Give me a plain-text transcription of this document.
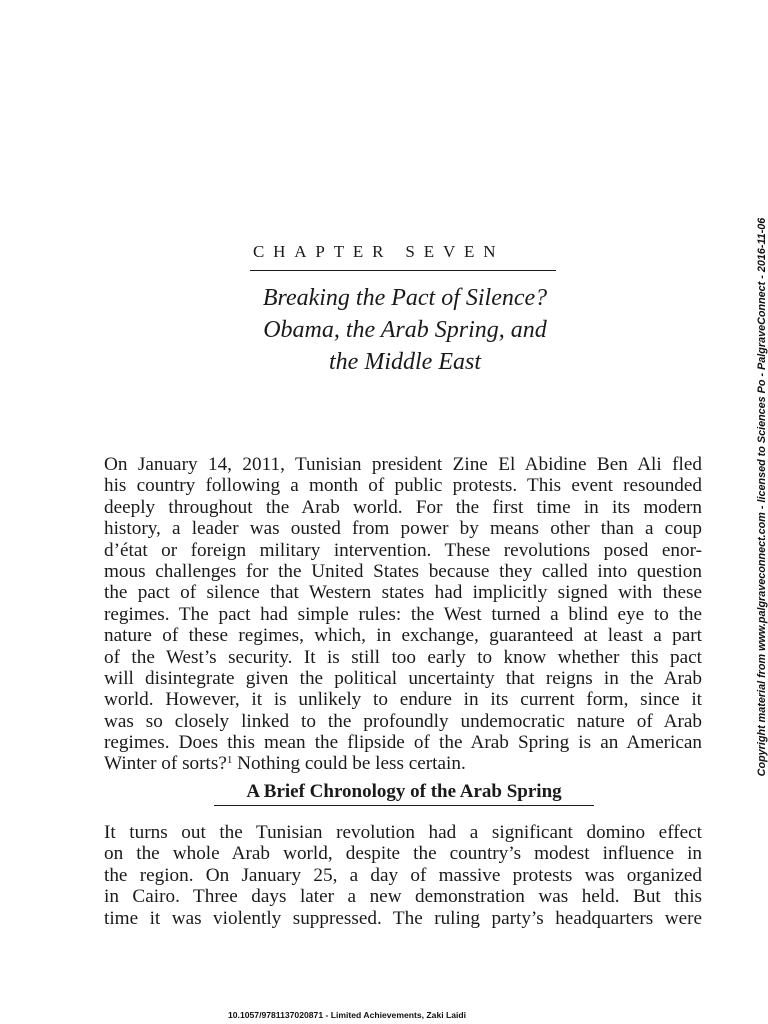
CHAPTER SEVEN
Breaking the Pact of Silence?
Obama, the Arab Spring, and
the Middle East
On January 14, 2011, Tunisian president Zine El Abidine Ben Ali fled
his country following a month of public protests. This event resounded
deeply throughout the Arab world. For the first time in its modern
history, a leader was ousted from power by means other than a coup
d’état or foreign military intervention. These revolutions posed enor-
mous challenges for the United States because they called into question
the pact of silence that Western states had implicitly signed with these
regimes. The pact had simple rules: the West turned a blind eye to the
nature of these regimes, which, in exchange, guaranteed at least a part
of the West’s security. It is still too early to know whether this pact
will disintegrate given the political uncertainty that reigns in the Arab
world. However, it is unlikely to endure in its current form, since it
was so closely linked to the profoundly undemocratic nature of Arab
regimes. Does this mean the flipside of the Arab Spring is an American
Winter of sorts?$^1$ Nothing could be less certain.
A Brief Chronology of the Arab Spring
It turns out the Tunisian revolution had a significant domino effect
on the whole Arab world, despite the country’s modest influence in
the region. On January 25, a day of massive protests was organized
in Cairo. Three days later a new demonstration was held. But this
time it was violently suppressed. The ruling party’s headquarters were
Copyright material from www.palgraveconnect.com - licensed to Sciences Po - PalgraveConnect - 2016-11-06
10.1057/9781137020871 - Limited Achievements, Zaki Laidi
